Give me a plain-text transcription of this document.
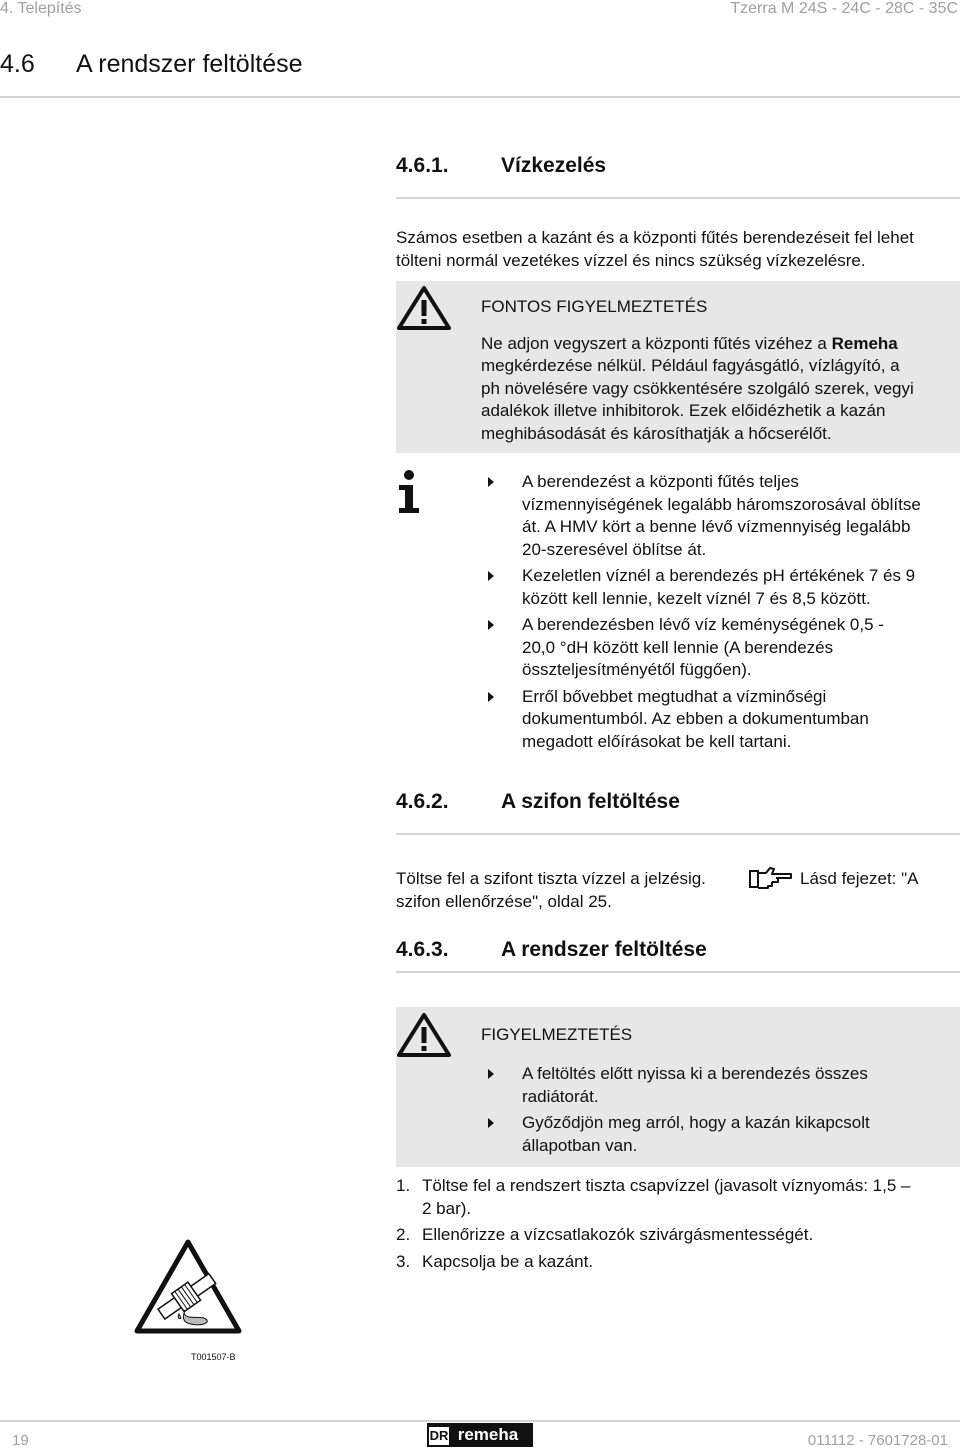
4. Telepítés	Tzerra M 24S - 24C - 28C - 35C
4.6 A rendszer feltöltése
4.6.1. Vízkezelés
Számos esetben a kazánt és a központi fűtés berendezéseit fel lehet
tölteni normál vezetékes vízzel és nincs szükség vízkezelésre.
FONTOS FIGYELMEZTETÉS
Ne adjon vegyszert a központi fűtés vizéhez a Remeha
megkérdezése nélkül. Például fagyásgátló, vízlágyító, a
ph növelésére vagy csökkentésére szolgáló szerek, vegyi
adalékok illetve inhibitorok. Ezek előidézhetik a kazán
meghibásodását és károsíthatják a hőcserélőt.
A berendezést a központi fűtés teljes
vízmennyiségének legalább háromszorosával öblítse
át. A HMV kört a benne lévő vízmennyiség legalább
20-szeresével öblítse át.
Kezeletlen víznél a berendezés pH értékének 7 és 9
között kell lennie, kezelt víznél 7 és 8,5 között.
A berendezésben lévő víz keménységének 0,5 -
20,0 °dH között kell lennie (A berendezés
összteljesítményétől függően).
Erről bővebbet megtudhat a vízminőségi
dokumentumból. Az ebben a dokumentumban
megadott előírásokat be kell tartani.
4.6.2. A szifon feltöltése
Töltse fel a szifont tiszta vízzel a jelzésig.	Lásd fejezet: "A
szifon ellenőrzése", oldal 25.
4.6.3. A rendszer feltöltése
FIGYELMEZTETÉS
A feltöltés előtt nyissa ki a berendezés összes
radiátorát.
Győződjön meg arról, hogy a kazán kikapcsolt
állapotban van.
1. Töltse fel a rendszert tiszta csapvízzel (javasolt víznyomás: 1,5 –
2 bar).
2. Ellenőrizze a vízcsatlakozók szivárgásmentességét.
3. Kapcsolja be a kazánt.
T001507-B
19	DR remeha	011112 - 7601728-01
